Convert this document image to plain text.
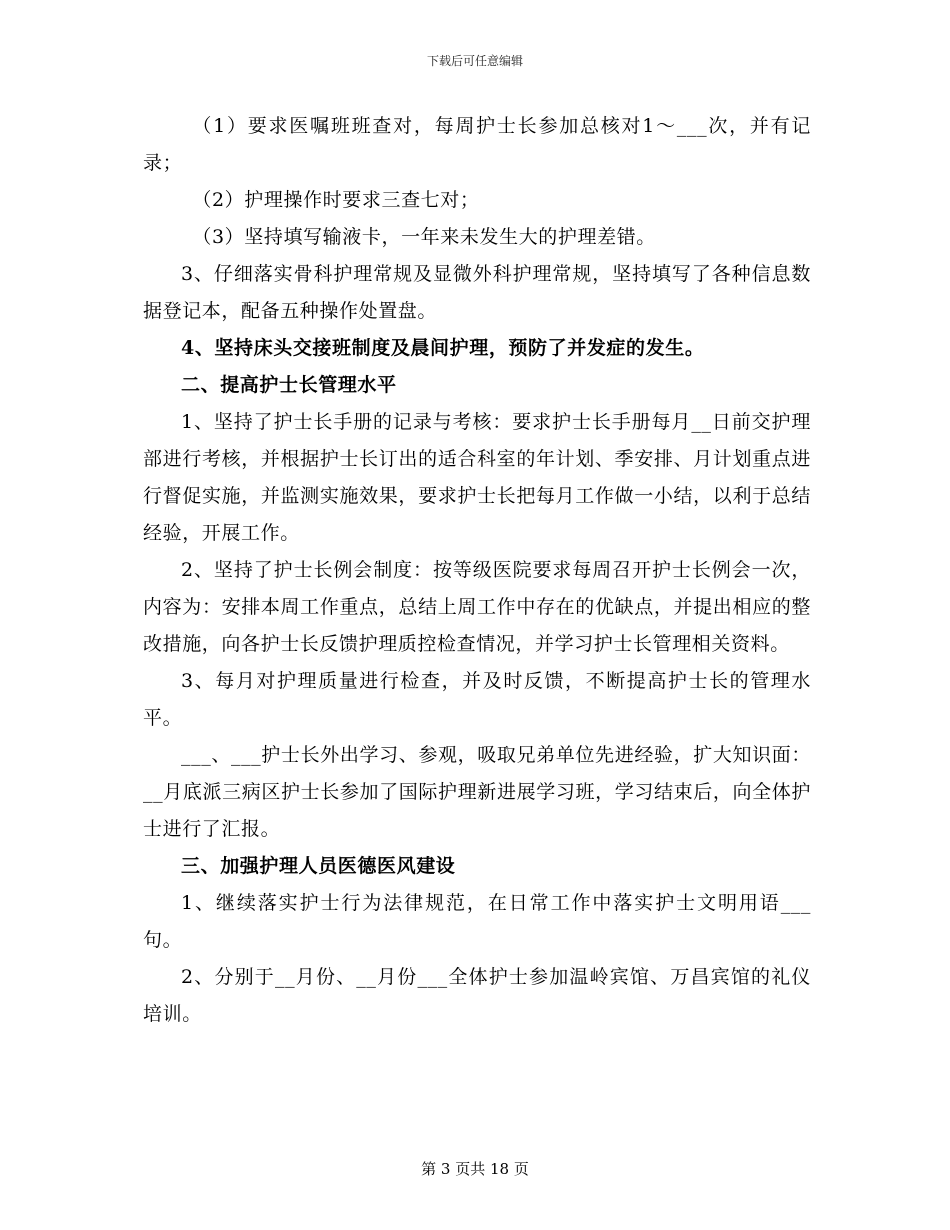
下载后可任意编辑

（1）要求医嘱班班查对，每周护士长参加总核对1～___次，并有记录；

（2）护理操作时要求三查七对；

（3）坚持填写输液卡，一年来未发生大的护理差错。

3、仔细落实骨科护理常规及显微外科护理常规，坚持填写了各种信息数据登记本，配备五种操作处置盘。

4、坚持床头交接班制度及晨间护理，预防了并发症的发生。

二、提高护士长管理水平

1、坚持了护士长手册的记录与考核：要求护士长手册每月__日前交护理部进行考核，并根据护士长订出的适合科室的年计划、季安排、月计划重点进行督促实施，并监测实施效果，要求护士长把每月工作做一小结，以利于总结经验，开展工作。

2、坚持了护士长例会制度：按等级医院要求每周召开护士长例会一次，内容为：安排本周工作重点，总结上周工作中存在的优缺点，并提出相应的整改措施，向各护士长反馈护理质控检查情况，并学习护士长管理相关资料。

3、每月对护理质量进行检查，并及时反馈，不断提高护士长的管理水平。

___、___护士长外出学习、参观，吸取兄弟单位先进经验，扩大知识面：__月底派三病区护士长参加了国际护理新进展学习班，学习结束后，向全体护士进行了汇报。

三、加强护理人员医德医风建设

1、继续落实护士行为法律规范，在日常工作中落实护士文明用语___句。

2、分别于__月份、__月份___全体护士参加温岭宾馆、万昌宾馆的礼仪培训。

第 3 页共 18 页
